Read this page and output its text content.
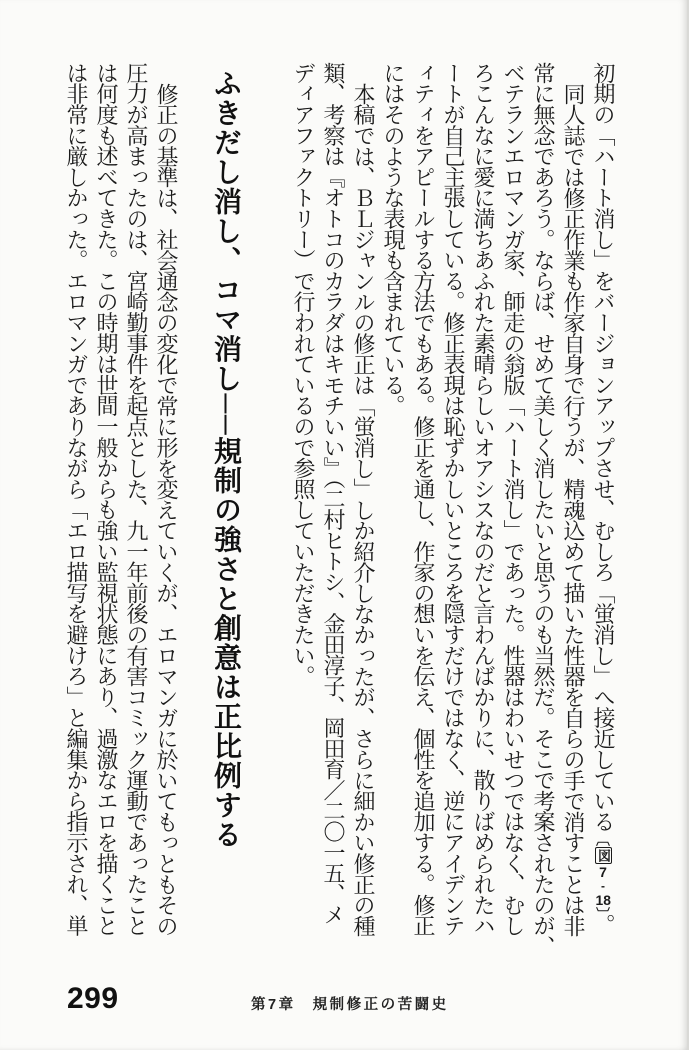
初期の「ハート消し」をバージョンアップさせ、むしろ「蛍消し」へ接近している〔図7-18〕。

同人誌では修正作業も作家自身で行うが、精魂込めて描いた性器を自らの手で消すことは非

常に無念であろう。ならば、せめて美しく消したいと思うのも当然だ。そこで考案されたのが、

ベテランエロマンガ家、師走の翁版「ハート消し」であった。性器はわいせつではなく、むし

ろこんなに愛に満ちあふれた素晴らしいオアシスなのだと言わんばかりに、散りばめられたハ

ートが自己主張している。修正表現は恥ずかしいところを隠すだけではなく、逆にアイデンテ

ィティをアピールする方法でもある。修正を通し、作家の想いを伝え、個性を追加する。修正

にはそのような表現も含まれている。

本稿では、ＢＬジャンルの修正は「蛍消し」しか紹介しなかったが、さらに細かい修正の種

類、考察は『オトコのカラダはキモチいい』（二村ヒトシ、金田淳子、岡田育／二〇一五、メ

ディアファクトリー）で行われているので参照していただきたい。

ふきだし消し、コマ消し──規制の強さと創意は正比例する

修正の基準は、社会通念の変化で常に形を変えていくが、エロマンガに於いてもっともその

圧力が高まったのは、宮崎勤事件を起点とした、九一年前後の有害コミック運動であったこと

は何度も述べてきた。この時期は世間一般からも強い監視状態にあり、過激なエロを描くこと

は非常に厳しかった。エロマンガでありながら「エロ描写を避けろ」と編集から指示され、単

299	第7章　規制修正の苦闘史
